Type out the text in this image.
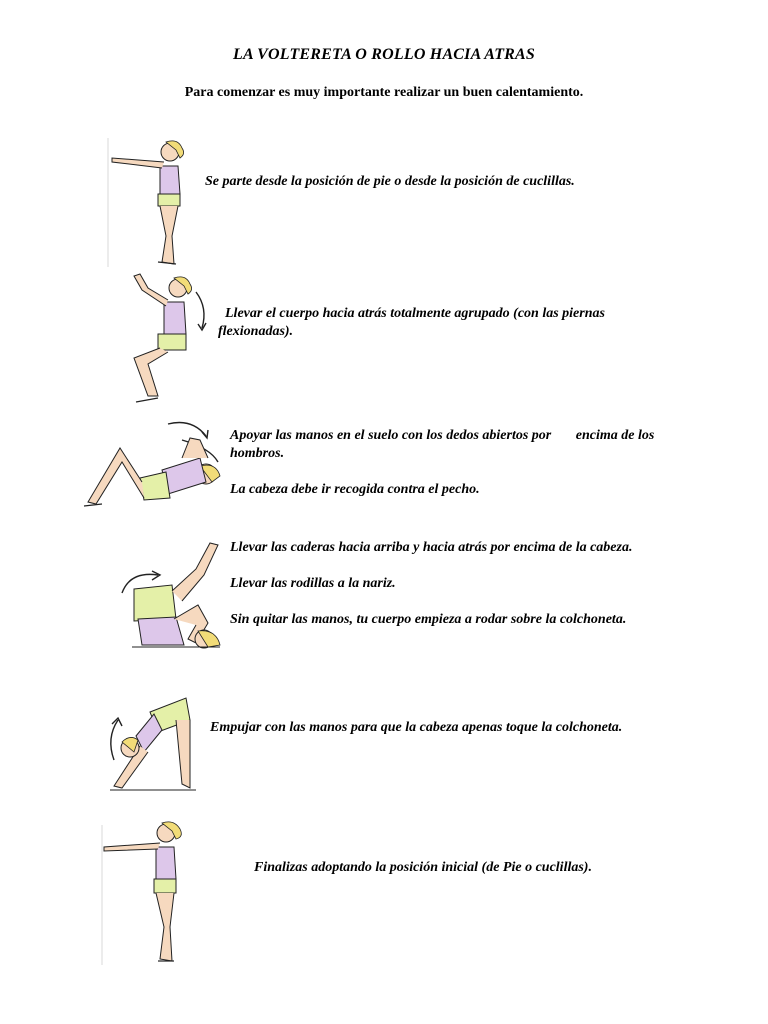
LA VOLTERETA O ROLLO HACIA ATRAS
Para comenzar es muy importante realizar un buen calentamiento.

Se parte desde la posición de pie o desde la posición de cuclillas.

Llevar el cuerpo hacia atrás totalmente agrupado (con las piernas flexionadas).

Apoyar las manos en el suelo con los dedos abiertos por       encima de los hombros.

La cabeza debe ir recogida contra el pecho.

Llevar las caderas hacia arriba y hacia atrás por encima de la cabeza.

Llevar las rodillas a la nariz.

Sin quitar las manos, tu cuerpo empieza a rodar sobre la colchoneta.

Empujar con las manos para que la cabeza apenas toque la colchoneta.

Finalizas adoptando la posición inicial (de Pie o cuclillas).
